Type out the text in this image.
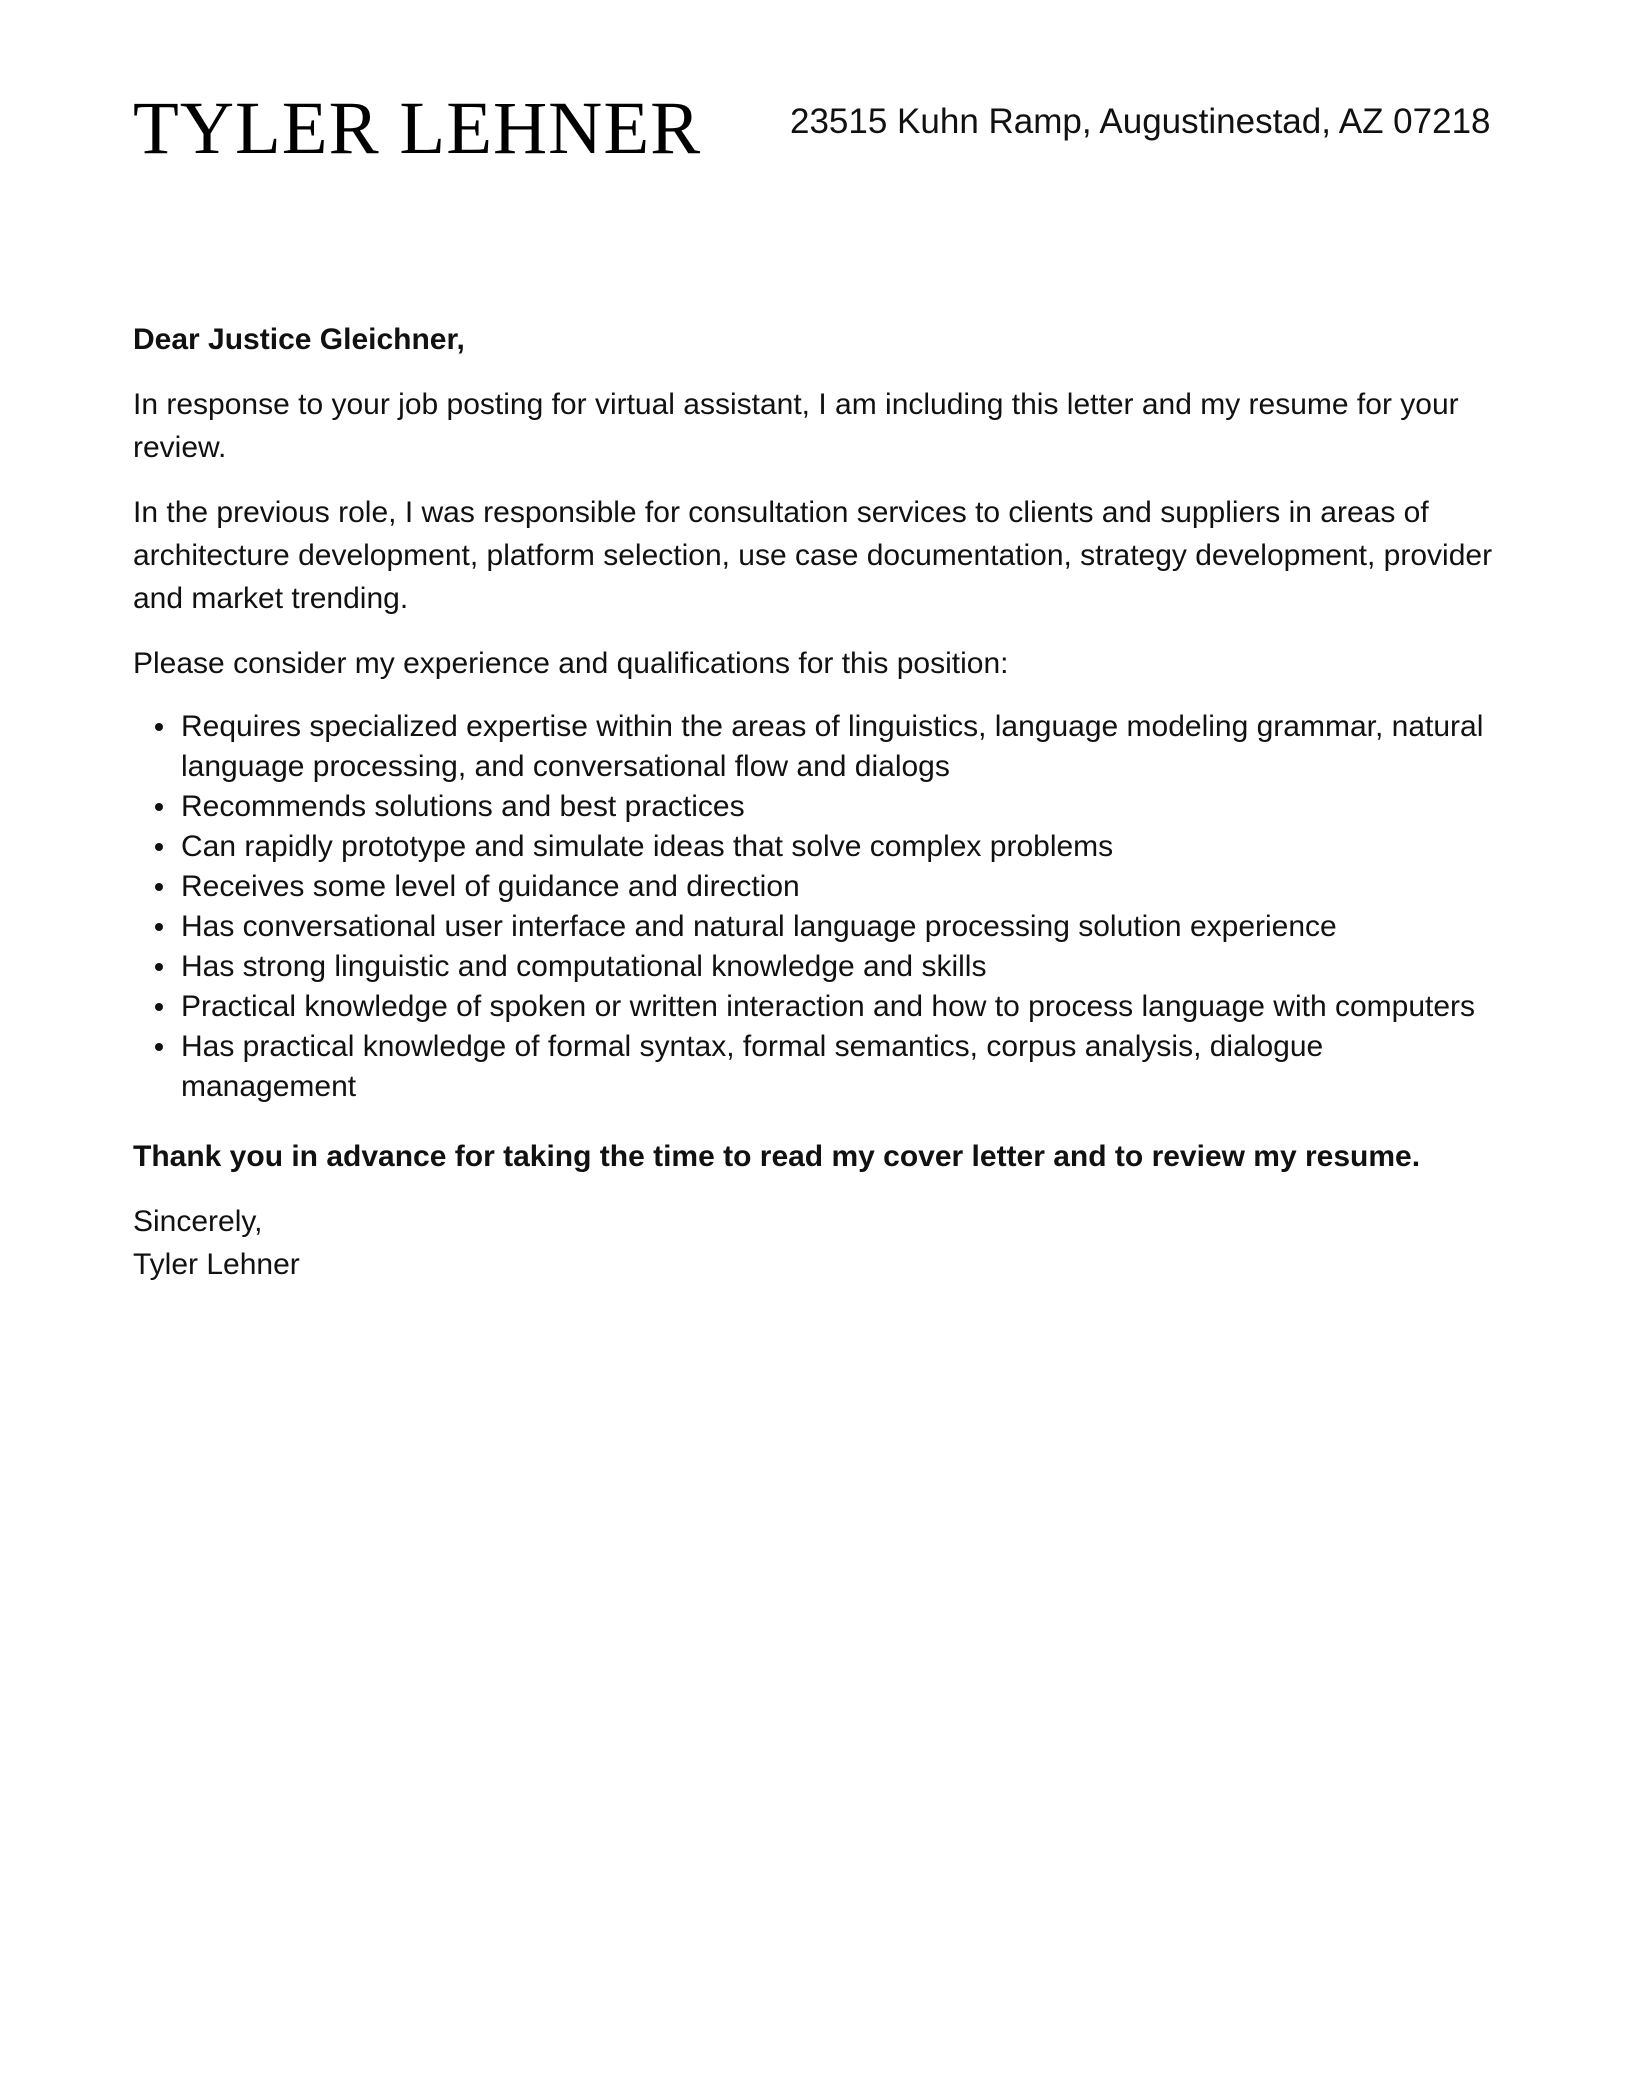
TYLER LEHNER	23515 Kuhn Ramp, Augustinestad, AZ 07218

Dear Justice Gleichner,

In response to your job posting for virtual assistant, I am including this letter and my resume for your review.

In the previous role, I was responsible for consultation services to clients and suppliers in areas of architecture development, platform selection, use case documentation, strategy development, provider and market trending.

Please consider my experience and qualifications for this position:

Requires specialized expertise within the areas of linguistics, language modeling grammar, natural language processing, and conversational flow and dialogs
Recommends solutions and best practices
Can rapidly prototype and simulate ideas that solve complex problems
Receives some level of guidance and direction
Has conversational user interface and natural language processing solution experience
Has strong linguistic and computational knowledge and skills
Practical knowledge of spoken or written interaction and how to process language with computers
Has practical knowledge of formal syntax, formal semantics, corpus analysis, dialogue management

Thank you in advance for taking the time to read my cover letter and to review my resume.

Sincerely,

Tyler Lehner
